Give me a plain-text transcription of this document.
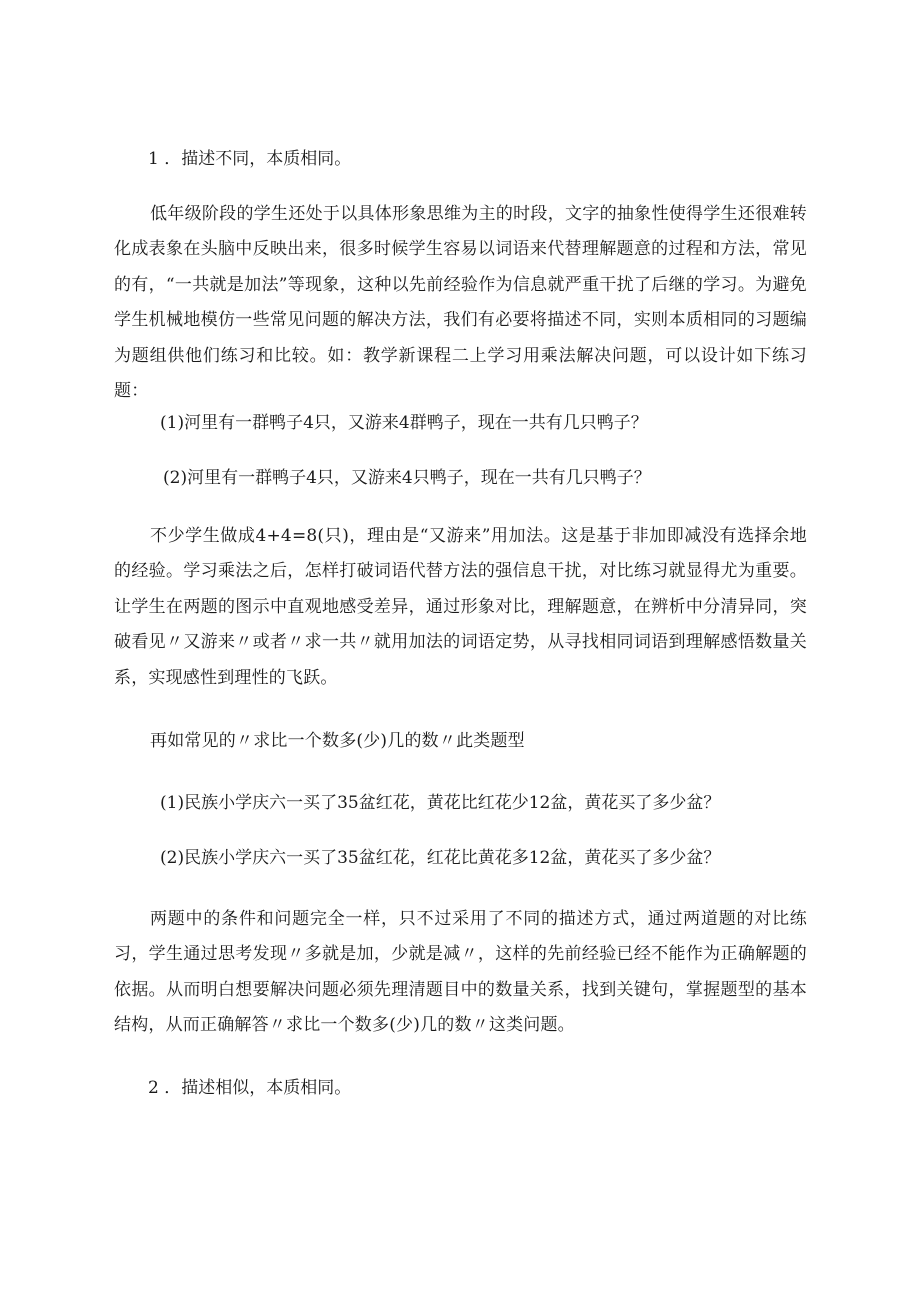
1 ．描述不同，本质相同。

低年级阶段的学生还处于以具体形象思维为主的时段，文字的抽象性使得学生还很难转化成表象在头脑中反映出来，很多时候学生容易以词语来代替理解题意的过程和方法，常见的有，“一共就是加法”等现象，这种以先前经验作为信息就严重干扰了后继的学习。为避免学生机械地模仿一些常见问题的解决方法，我们有必要将描述不同，实则本质相同的习题编为题组供他们练习和比较。如：教学新课程二上学习用乘法解决问题，可以设计如下练习题：

(1)河里有一群鸭子4只，又游来4群鸭子，现在一共有几只鸭子？

(2)河里有一群鸭子4只，又游来4只鸭子，现在一共有几只鸭子？

不少学生做成4+4=8(只)，理由是“又游来”用加法。这是基于非加即减没有选择余地的经验。学习乘法之后，怎样打破词语代替方法的强信息干扰，对比练习就显得尤为重要。让学生在两题的图示中直观地感受差异，通过形象对比，理解题意，在辨析中分清异同，突破看见〃又游来〃或者〃求一共〃就用加法的词语定势，从寻找相同词语到理解感悟数量关系，实现感性到理性的飞跃。

再如常见的〃求比一个数多(少)几的数〃此类题型

(1)民族小学庆六一买了35盆红花，黄花比红花少12盆，黄花买了多少盆？

(2)民族小学庆六一买了35盆红花，红花比黄花多12盆，黄花买了多少盆？

两题中的条件和问题完全一样，只不过采用了不同的描述方式，通过两道题的对比练习，学生通过思考发现〃多就是加，少就是减〃，这样的先前经验已经不能作为正确解题的依据。从而明白想要解决问题必须先理清题目中的数量关系，找到关键句，掌握题型的基本结构，从而正确解答〃求比一个数多(少)几的数〃这类问题。

2 ．描述相似，本质相同。
